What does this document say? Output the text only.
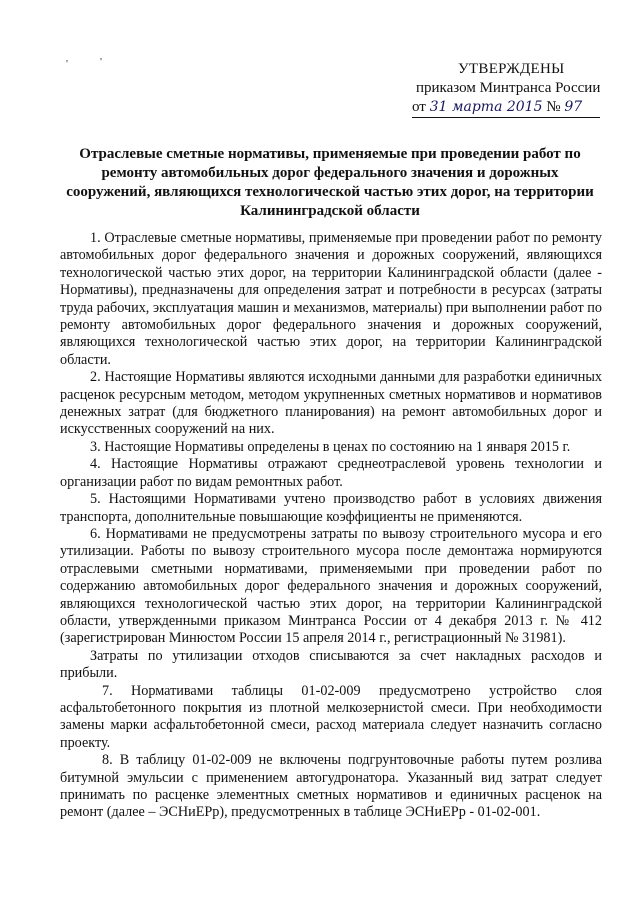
'	'	УТВЕРЖДЕНЫ
приказом Минтранса России
от 31 марта 2015 № 97
Отраслевые сметные нормативы, применяемые при проведении работ по ремонту автомобильных дорог федерального значения и дорожных сооружений, являющихся технологической частью этих дорог, на территории Калининградской области

1. Отраслевые сметные нормативы, применяемые при проведении работ по ремонту автомобильных дорог федерального значения и дорожных сооружений, являющихся технологической частью этих дорог, на территории Калининградской области (далее - Нормативы), предназначены для определения затрат и потребности в ресурсах (затраты труда рабочих, эксплуатация машин и механизмов, материалы) при выполнении работ по ремонту автомобильных дорог федерального значения и дорожных сооружений, являющихся технологической частью этих дорог, на территории Калининградской области.

2. Настоящие Нормативы являются исходными данными для разработки единичных расценок ресурсным методом, методом укрупненных сметных нормативов и нормативов денежных затрат (для бюджетного планирования) на ремонт автомобильных дорог и искусственных сооружений на них.

3. Настоящие Нормативы определены в ценах по состоянию на 1 января 2015 г.

4. Настоящие Нормативы отражают среднеотраслевой уровень технологии и организации работ по видам ремонтных работ.

5. Настоящими Нормативами учтено производство работ в условиях движения транспорта, дополнительные повышающие коэффициенты не применяются.

6. Нормативами не предусмотрены затраты по вывозу строительного мусора и его утилизации. Работы по вывозу строительного мусора после демонтажа нормируются отраслевыми сметными нормативами, применяемыми при проведении работ по содержанию автомобильных дорог федерального значения и дорожных сооружений, являющихся технологической частью этих дорог, на территории Калининградской области, утвержденными приказом Минтранса России от 4 декабря 2013 г. № 412 (зарегистрирован Минюстом России 15 апреля 2014 г., регистрационный № 31981).

Затраты по утилизации отходов списываются за счет накладных расходов и прибыли.

7. Нормативами таблицы 01-02-009 предусмотрено устройство слоя асфальтобетонного покрытия из плотной мелкозернистой смеси. При необходимости замены марки асфальтобетонной смеси, расход материала следует назначить согласно проекту.

8. В таблицу 01-02-009 не включены подгрунтовочные работы путем розлива битумной эмульсии с применением автогудронатора. Указанный вид затрат следует принимать по расценке элементных сметных нормативов и единичных расценок на ремонт (далее – ЭСНиЕРр), предусмотренных в таблице ЭСНиЕРр - 01-02-001.
